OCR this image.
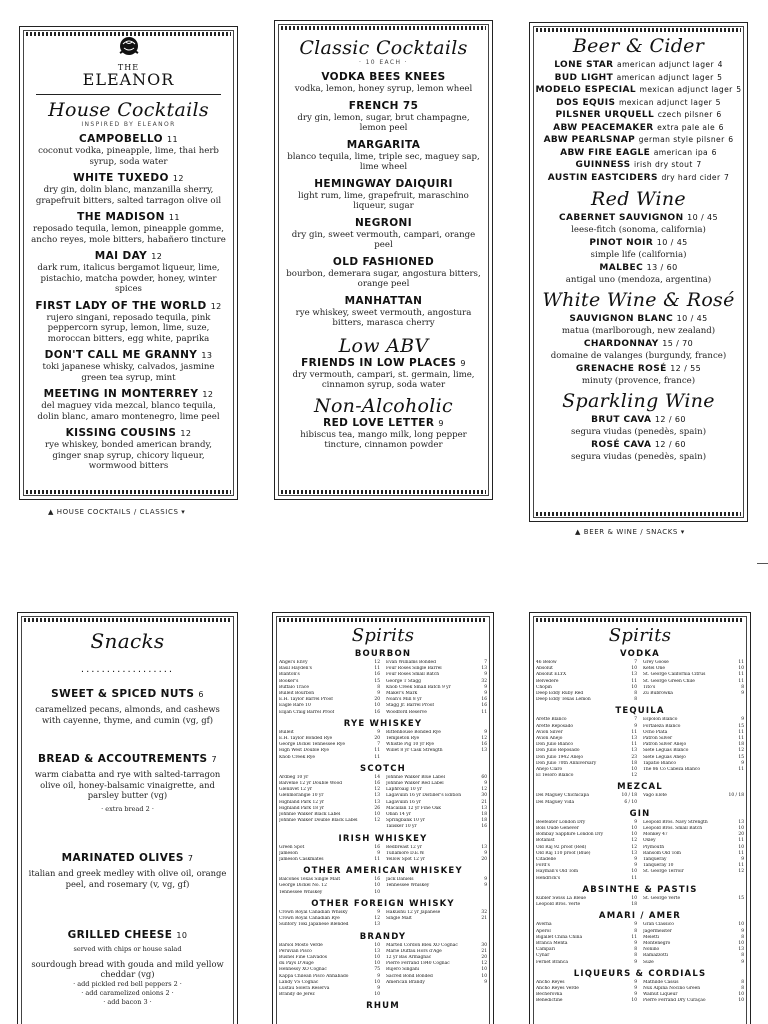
THE
ELEANOR
House Cocktails
INSPIRED BY ELEANOR
CAMPOBELLO 11
coconut vodka, pineapple, lime, thai herb syrup, soda water
WHITE TUXEDO 12
dry gin, dolin blanc, manzanilla sherry, grapefruit bitters, salted tarragon olive oil
THE MADISON 11
reposado tequila, lemon, pineapple gomme, ancho reyes, mole bitters, habañero tincture
MAI DAY 12
dark rum, italicus bergamot liqueur, lime, pistachio, matcha powder, honey, winter spices
FIRST LADY OF THE WORLD 12
rujero singani, reposado tequila, pink peppercorn syrup, lemon, lime, suze, moroccan bitters, egg white, paprika
DON'T CALL ME GRANNY 13
toki japanese whisky, calvados, jasmine green tea syrup, mint
MEETING IN MONTERREY 12
del maguey vida mezcal, blanco tequila, dolin blanc, amaro montenegro, lime peel
KISSING COUSINS 12
rye whiskey, bonded american brandy, ginger snap syrup, chicory liqueur, wormwood bitters
▲ HOUSE COCKTAILS / CLASSICS ▾
Classic Cocktails
· 10 EACH ·
VODKA BEES KNEES
vodka, lemon, honey syrup, lemon wheel
FRENCH 75
dry gin, lemon, sugar, brut champagne, lemon peel
MARGARITA
blanco tequila, lime, triple sec, maguey sap, lime wheel
HEMINGWAY DAIQUIRI
light rum, lime, grapefruit, maraschino liqueur, sugar
NEGRONI
dry gin, sweet vermouth, campari, orange peel
OLD FASHIONED
bourbon, demerara sugar, angostura bitters, orange peel
MANHATTAN
rye whiskey, sweet vermouth, angostura bitters, marasca cherry
Low ABV
FRIENDS IN LOW PLACES 9
dry vermouth, campari, st. germain, lime, cinnamon syrup, soda water
Non-Alcoholic
RED LOVE LETTER 9
hibiscus tea, mango milk, long pepper tincture, cinnamon powder
Beer & Cider
LONE STAR american adjunct lager 4
BUD LIGHT american adjunct lager 5
MODELO ESPECIAL mexican adjunct lager 5
DOS EQUIS mexican adjunct lager 5
PILSNER URQUELL czech pilsner 6
ABW PEACEMAKER extra pale ale 6
ABW PEARLSNAP german style pilsner 6
ABW FIRE EAGLE american ipa 6
GUINNESS irish dry stout 7
AUSTIN EASTCIDERS dry hard cider 7
Red Wine
CABERNET SAUVIGNON 10 / 45
leese-fitch (sonoma, california)
PINOT NOIR 10 / 45
simple life (california)
MALBEC 13 / 60
antigal uno (mendoza, argentina)
White Wine & Rosé
SAUVIGNON BLANC 10 / 45
matua (marlborough, new zealand)
CHARDONNAY 15 / 70
domaine de valanges (burgundy, france)
GRENACHE ROSÉ 12 / 55
minuty (provence, france)
Sparkling Wine
BRUT CAVA 12 / 60
segura viudas (penedès, spain)
ROSÉ CAVA 12 / 60
segura viudas (penedès, spain)
▲ BEER & WINE / SNACKS ▾
Snacks
··················
SWEET & SPICED NUTS 6
caramelized pecans, almonds, and cashews with cayenne, thyme, and cumin (vg, gf)
BREAD & ACCOUTREMENTS 7
warm ciabatta and rye with salted-tarragon olive oil, honey-balsamic vinaigrette, and parsley butter (vg)
· extra bread 2 ·
MARINATED OLIVES 7
italian and greek medley with olive oil, orange peel, and rosemary (v, vg, gf)
GRILLED CHEESE 10
served with chips or house salad
sourdough bread with gouda and mild yellow cheddar (vg)
· add pickled red bell peppers 2 ·
· add caramelized onions 2 ·
· add bacon 3 ·
Spirits
BOURBON
Angel's Envy	12
Basil Hayden's	11
Blanton's	16
Booker's	15
Buffalo Trace	8
Bulleit Bourbon	9
E.H. Taylor Barrel Proof	20
Eagle Rare 10	10
Elijah Craig Barrel Proof	16
Evan Williams Bonded	7
Four Roses Single Barrel	13
Four Roses Small Batch	9
George T Stagg	32
Knob Creek Small Batch 9 yr	9
Maker's Mark	9
Noah's Mill 8 yr	16
Stagg Jr. Barrel Proof	16
Woodford Reserve	11
RYE WHISKEY
Bulleit	9
E.H. Taylor Bonded Rye	20
George Dickel Tennessee Rye	7
High West Double Rye	11
Knob Creek Rye	11
Rittenhouse Bonded Rye	9
Templeton Rye	12
Whistle Pig 10 yr Rye	16
Willet 8 yr Cask Strength	13
SCOTCH
Ardbeg 10 yr	14
Balvenie 12 yr Double Wood	16
Glenlivet 12 yr	12
Glenmorangie 10 yr	13
Highland Park 12 yr	13
Highland Park 18 yr	26
Johnnie Walker Black Label	10
Johnnie Walker Double Black Label	12
Johnnie Walker Blue Label	60
Johnnie Walker Red Label	9
Laphroaig 10 yr	12
Lagavulin 16 yr Distiller's Edition	30
Lagavulin 16 yr	21
Macallan 12 yr Fine Oak	13
Oban 14 yr	18
Springbank 10 yr	18
Talisker 10 yr	16
IRISH WHISKEY
Green Spot	16
Jameson	9
Jameson Caskmates	11
Redbreast 12 yr	13
Tullamore D.E.W.	9
Yellow Spot 12 yr	20
OTHER AMERICAN WHISKEY
Balcones Texas Single Malt	16
George Dickel No. 12	10
Tennessee Whiskey	10
Jack Daniels	9
Tennessee Whiskey	9
OTHER FOREIGN WHISKY
Crown Royal Canadian Whisky	9
Crown Royal Canadian Rye	12
Suntory Toki Japanese Blended	13
Hakushu 12 yr Japanese	32
Single Malt	21
BRANDY
Barsol Mosto Verde	10
Peruvian Pisco	13
Busnel Fine Calvados	10
du Pays D'Auge	10
Hennessy XO Cognac	75
Kappa Chilean Pisco Anhabado	9
Landy VS Cognac	10
Lustau Solera Reserva	9
Brandy de Jerez	10
Martell Cordon Bleu XO Cognac	30
Marie Duffau Hors d'Age	21
12 yr Bas Armagnac	20
Pierre Ferrand 1840 Cognac	12
Rujero Singani	10
Sacred Bond Bonded	10
American Brandy	9
RHUM
Spirits
VODKA
46 Below	7
Absolut	10
Absolut ELYX	13
Belvedere	11
Chopin	10
Deep Eddy Ruby Red	8
Deep Eddy Texas Lemon	8
Grey Goose	11
Ketel One	10
St. George California Citrus	11
St. George Green Chile	11
Tito's	8
Zu Bubrowka	9
TEQUILA
Arette Blanco	7
Arette Reposado	9
Avion Silver	11
Avion Añejo	13
Don Julio Blanco	11
Don Julio Reposado	13
Don Julio 1942 Añejo	23
Don Julio 70th Anniversary	18
Añejo Claro	10
El Tesoro Blanco	12
Espolon Blanco	9
Fortaleza Blanco	15
Ocho Plata	11
Patrón Silver	11
Patrón Silver Añejo	18
Siete Leguas Blanco	12
Siete Leguas Añejo	15
Tapatio Blanco	9
The 86 Co Cabeza Blanco	11
MEZCAL
Del Maguey Chichicapa	10 / 18
Del Maguey Vida	6 / 10
Vago Elote	10 / 18
GIN
Beefeater London Dry	9
Bols Oude Genever	10
Bombay Sapphire London Dry	10
Botanist	12
Old Raj 92 proof (Red)	12
Old Raj 110 proof (Blue)	13
Citadelle	9
Ford's	9
Hayman's Old Tom	10
Hendrick's	11
Leopold Bros. Navy Strength	13
Leopold Bros. Small Batch	10
Monkey 47	20
Oxley	11
Plymouth	10
Ransom Old Tom	11
Tanqueray	9
Tanqueray 10	11
St. George Terroir	12
ABSINTHE & PASTIS
Kübler Swiss La Bleue	10
Leopold Bros. Verte	18
St. George Verte	15
AMARI / AMER
Averna	9
Aperol	8
Bigallet China China	11
Branca Menta	9
Campari	8
Cynar	8
Fernet Branca	9
Gran Classico	10
Jägermeister	9
Meletti	8
Montenegro	10
Nonino	13
Ramazzotti	8
Suze	9
LIQUEURS & CORDIALS
Ancho Reyes	9
Ancho Reyes Verde	9
Becherovka	9
Benedictine	10
Mathilde Cassis	8
Nux Alpina Nocino Green	8
Walnut Liqueur	10
Pierre Ferrand Dry Curaçao	10
